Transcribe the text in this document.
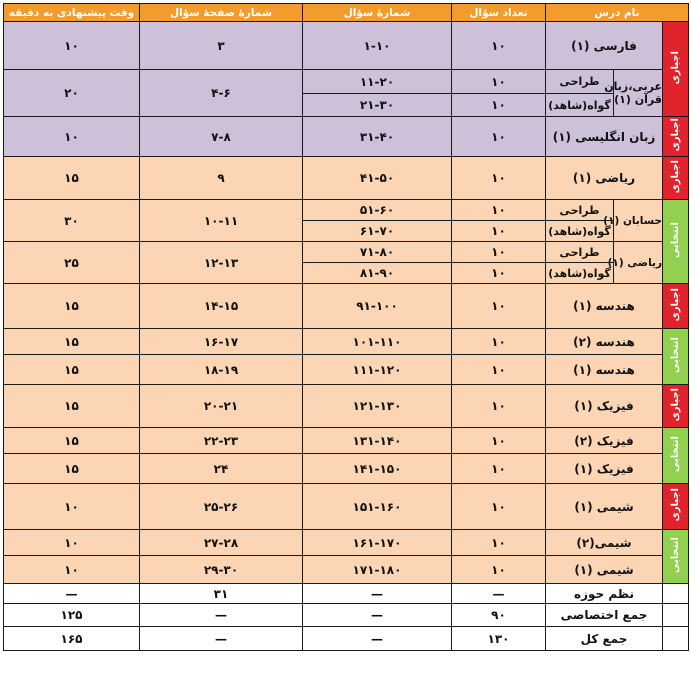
وقت پیشنهادی به دقیقه	شمارهٔ صفحهٔ سؤال	شمارهٔ سؤال	تعداد سؤال	نام درس		
۱۰	۳	۱-۱۰	۱۰	فارسی (۱)		اجباری
۲۰	۴-۶	۱۱-۲۰	۱۰	طراحی	عربی،زبان قرآن (۱)	
		۲۱-۳۰	۱۰	گواه(شاهد)		
۱۰	۷-۸	۳۱-۴۰	۱۰	زبان انگلیسی (۱)		اجباری
۱۵	۹	۴۱-۵۰	۱۰	ریاضی (۱)		اجباری
۳۰	۱۰-۱۱	۵۱-۶۰	۱۰	طراحی	حسابان (۱)	انتخابی
		۶۱-۷۰	۱۰	گواه(شاهد)		
۲۵	۱۲-۱۳	۷۱-۸۰	۱۰	طراحی	ریاضی (۱)	
		۸۱-۹۰	۱۰	گواه(شاهد)		
۱۵	۱۴-۱۵	۹۱-۱۰۰	۱۰	هندسه (۱)		اجباری
۱۵	۱۶-۱۷	۱۰۱-۱۱۰	۱۰	هندسه (۲)		انتخابی
۱۵	۱۸-۱۹	۱۱۱-۱۲۰	۱۰	هندسه (۱)		
۱۵	۲۰-۲۱	۱۲۱-۱۳۰	۱۰	فیزیک (۱)		اجباری
۱۵	۲۲-۲۳	۱۳۱-۱۴۰	۱۰	فیزیک (۲)		انتخابی
۱۵	۲۴	۱۴۱-۱۵۰	۱۰	فیزیک (۱)		
۱۰	۲۵-۲۶	۱۵۱-۱۶۰	۱۰	شیمی (۱)		اجباری
۱۰	۲۷-۲۸	۱۶۱-۱۷۰	۱۰	شیمی(۲)		انتخابی
۱۰	۲۹-۳۰	۱۷۱-۱۸۰	۱۰	شیمی (۱)		
—	۳۱	—	—	نظم حوزه		
۱۲۵	—	—	۹۰	جمع اختصاصی		
۱۶۵	—	—	۱۳۰	جمع کل		
